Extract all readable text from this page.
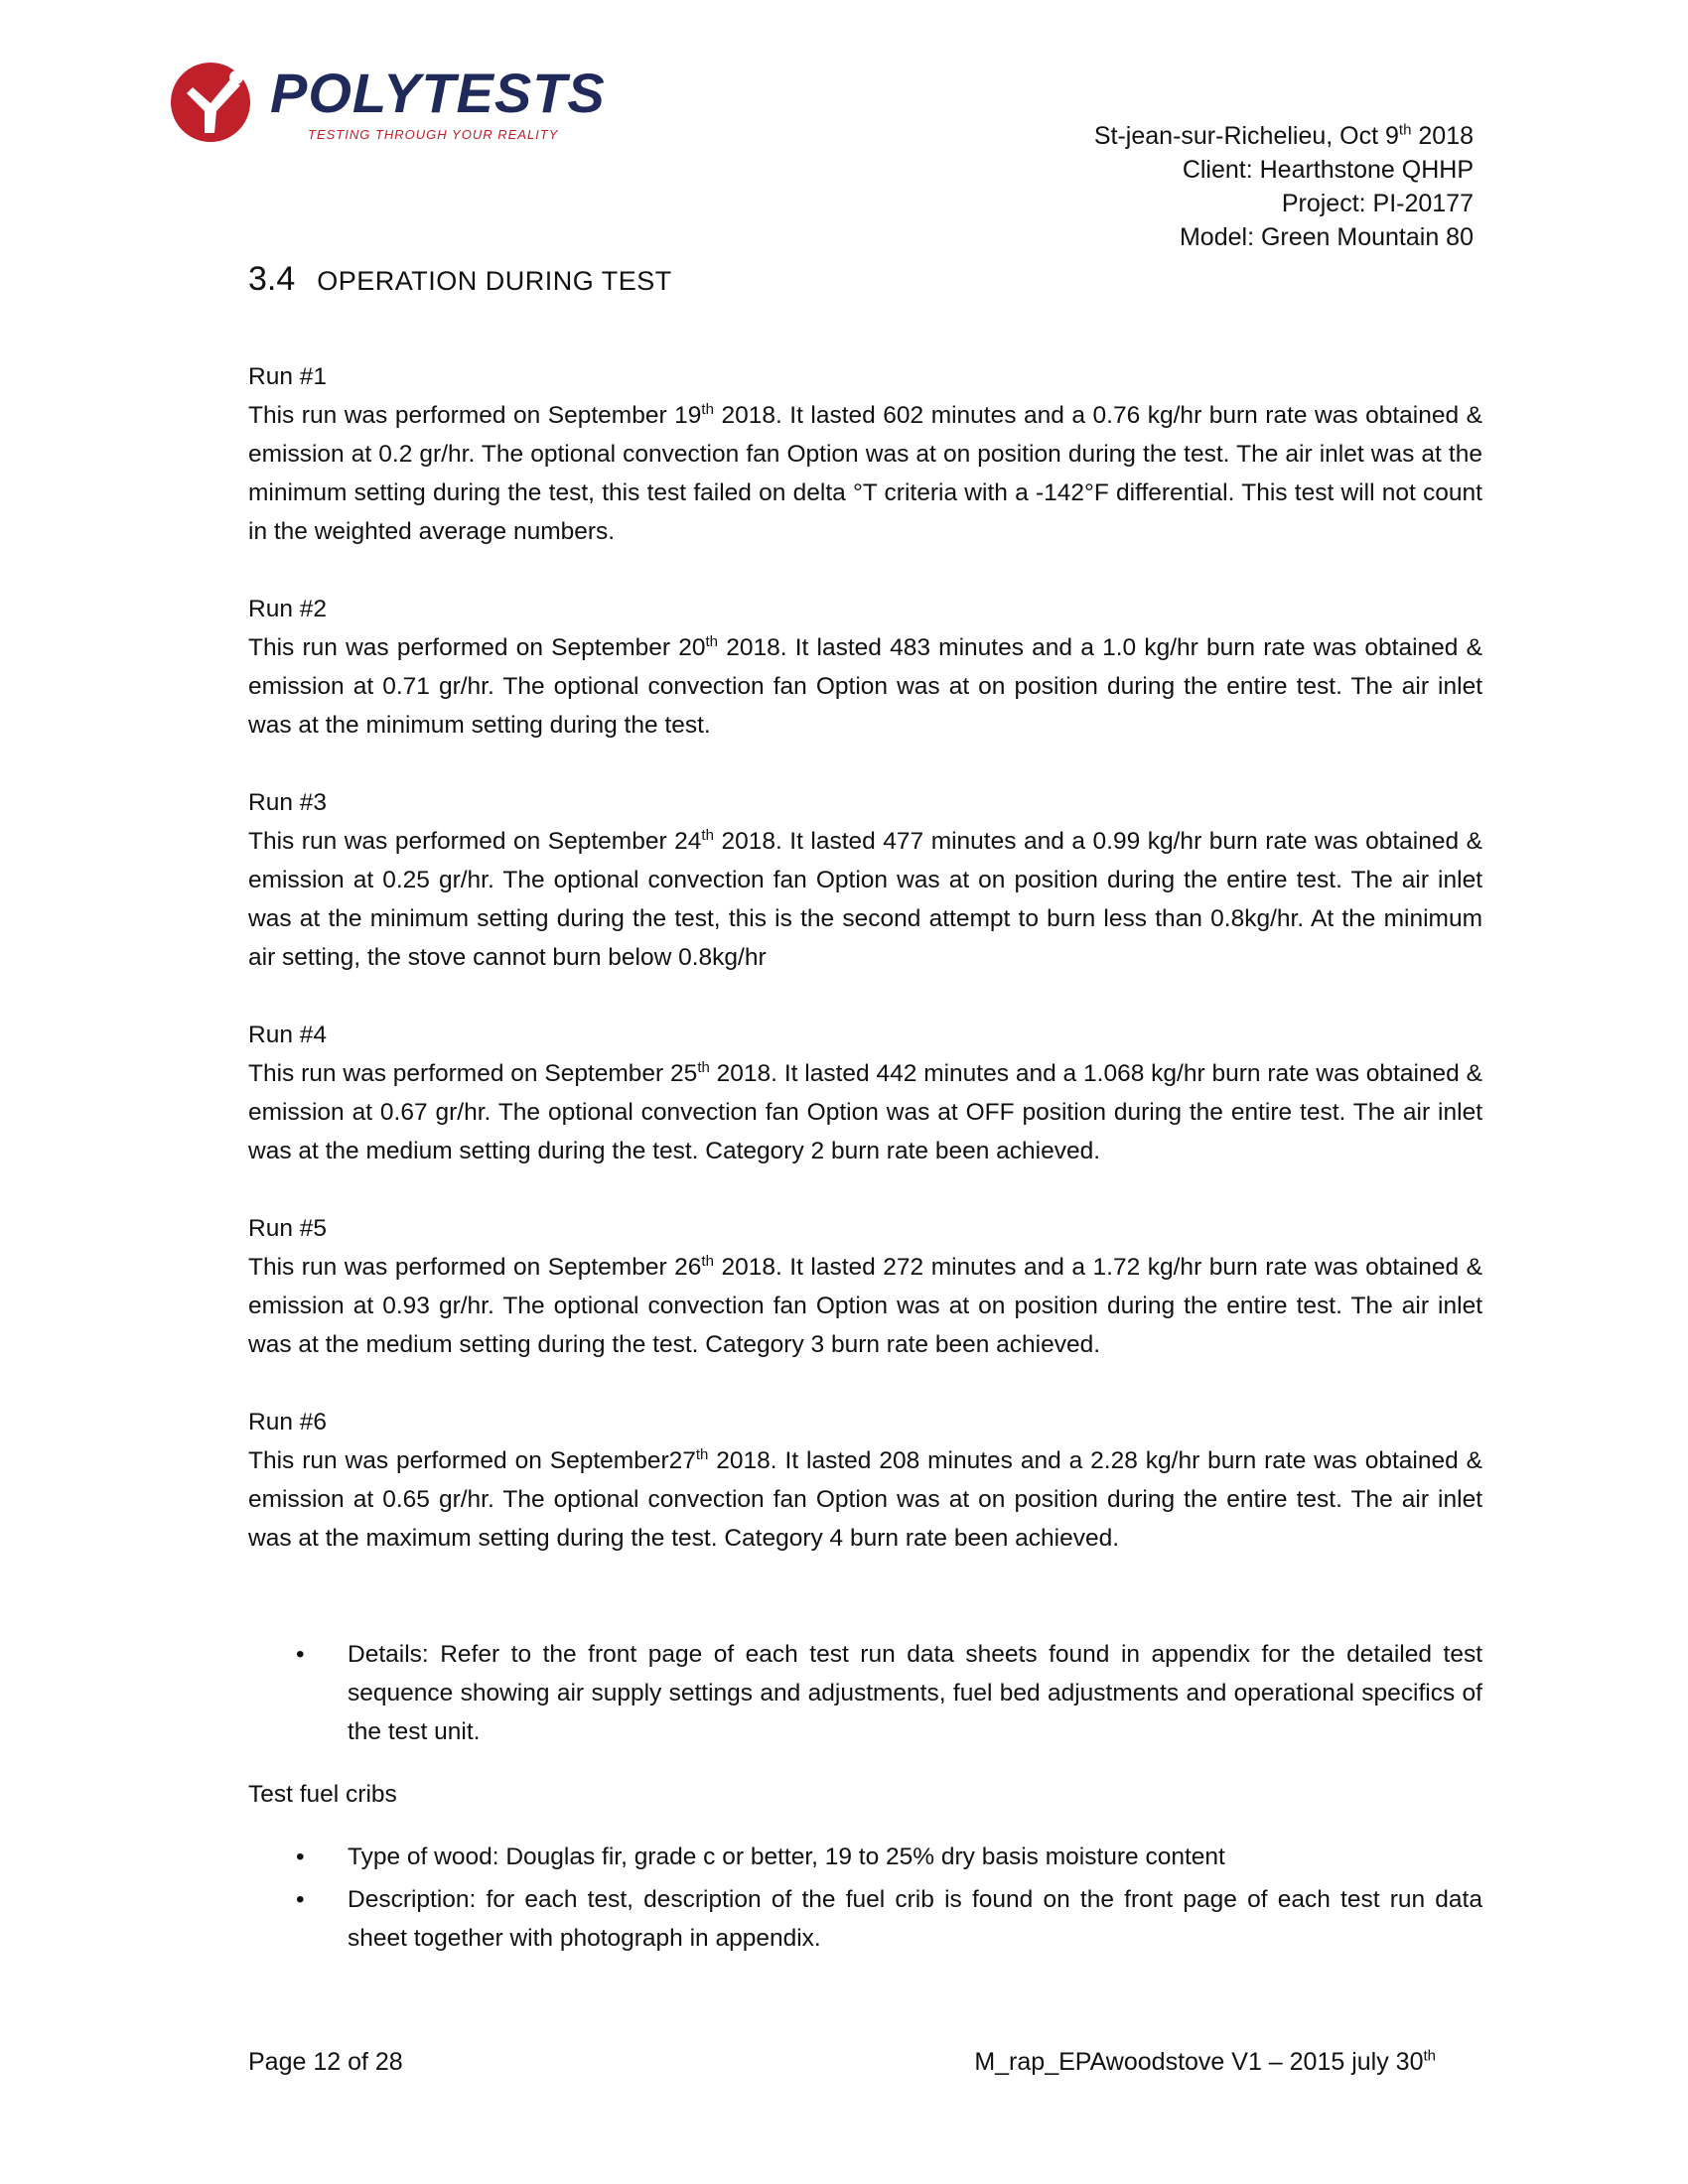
POLYTESTS
TESTING THROUGH YOUR REALITY	St-jean-sur-Richelieu, Oct 9th 2018
Client: Hearthstone QHHP
Project: PI-20177
Model: Green Mountain 80
3.4 OPERATION DURING TEST
Run #1

This run was performed on September 19th 2018. It lasted 602 minutes and a 0.76 kg/hr burn rate was obtained & emission at 0.2 gr/hr. The optional convection fan Option was at on position during the test. The air inlet was at the minimum setting during the test, this test failed on delta °T criteria with a -142°F differential. This test will not count in the weighted average numbers.

Run #2

This run was performed on September 20th 2018. It lasted 483 minutes and a 1.0 kg/hr burn rate was obtained & emission at 0.71 gr/hr. The optional convection fan Option was at on position during the entire test. The air inlet was at the minimum setting during the test.

Run #3

This run was performed on September 24th 2018. It lasted 477 minutes and a 0.99 kg/hr burn rate was obtained & emission at 0.25 gr/hr. The optional convection fan Option was at on position during the entire test. The air inlet was at the minimum setting during the test, this is the second attempt to burn less than 0.8kg/hr. At the minimum air setting, the stove cannot burn below 0.8kg/hr

Run #4

This run was performed on September 25th 2018. It lasted 442 minutes and a 1.068 kg/hr burn rate was obtained & emission at 0.67 gr/hr. The optional convection fan Option was at OFF position during the entire test. The air inlet was at the medium setting during the test. Category 2 burn rate been achieved.

Run #5

This run was performed on September 26th 2018. It lasted 272 minutes and a 1.72 kg/hr burn rate was obtained & emission at 0.93 gr/hr. The optional convection fan Option was at on position during the entire test. The air inlet was at the medium setting during the test. Category 3 burn rate been achieved.

Run #6

This run was performed on September27th 2018. It lasted 208 minutes and a 2.28 kg/hr burn rate was obtained & emission at 0.65 gr/hr. The optional convection fan Option was at on position during the entire test. The air inlet was at the maximum setting during the test. Category 4 burn rate been achieved.

• Details: Refer to the front page of each test run data sheets found in appendix for the detailed test sequence showing air supply settings and adjustments, fuel bed adjustments and operational specifics of the test unit.
Test fuel cribs
• Type of wood: Douglas fir, grade c or better, 19 to 25% dry basis moisture content
• Description: for each test, description of the fuel crib is found on the front page of each test run data sheet together with photograph in appendix.
Page 12 of 28	M_rap_EPAwoodstove V1 – 2015 july 30th
